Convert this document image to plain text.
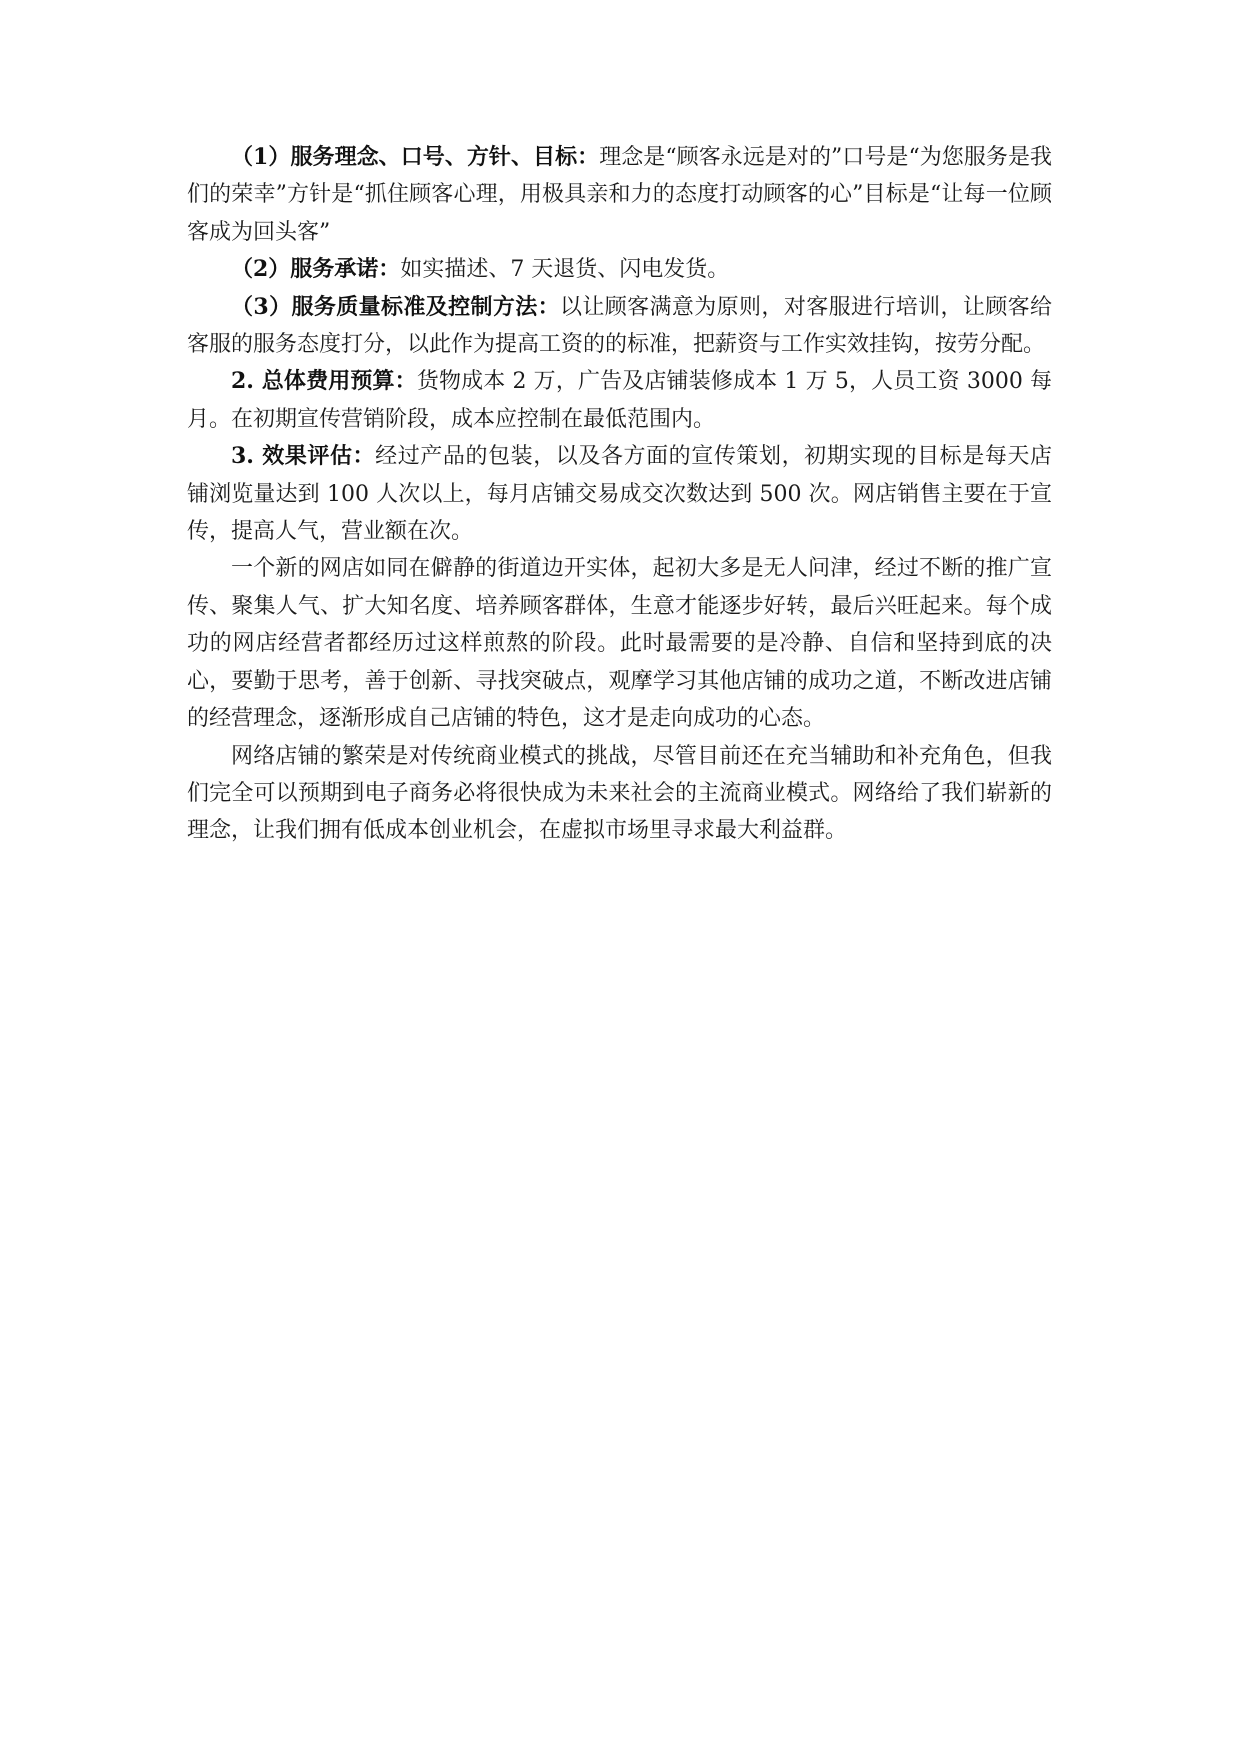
（1）服务理念、口号、方针、目标：理念是“顾客永远是对的”口号是“为您服务是我们的荣幸”方针是“抓住顾客心理，用极具亲和力的态度打动顾客的心”目标是“让每一位顾客成为回头客”

（2）服务承诺：如实描述、7 天退货、闪电发货。

（3）服务质量标准及控制方法：以让顾客满意为原则，对客服进行培训，让顾客给客服的服务态度打分，以此作为提高工资的的标准，把薪资与工作实效挂钩，按劳分配。

2. 总体费用预算：货物成本 2 万，广告及店铺装修成本 1 万 5，人员工资 3000 每月。在初期宣传营销阶段，成本应控制在最低范围内。

3. 效果评估：经过产品的包装，以及各方面的宣传策划，初期实现的目标是每天店铺浏览量达到 100 人次以上，每月店铺交易成交次数达到 500 次。网店销售主要在于宣传，提高人气，营业额在次。

一个新的网店如同在僻静的街道边开实体，起初大多是无人问津，经过不断的推广宣传、聚集人气、扩大知名度、培养顾客群体，生意才能逐步好转，最后兴旺起来。每个成功的网店经营者都经历过这样煎熬的阶段。此时最需要的是冷静、自信和坚持到底的决心，要勤于思考，善于创新、寻找突破点，观摩学习其他店铺的成功之道，不断改进店铺的经营理念，逐渐形成自己店铺的特色，这才是走向成功的心态。

网络店铺的繁荣是对传统商业模式的挑战，尽管目前还在充当辅助和补充角色，但我们完全可以预期到电子商务必将很快成为未来社会的主流商业模式。网络给了我们崭新的理念，让我们拥有低成本创业机会，在虚拟市场里寻求最大利益群。
